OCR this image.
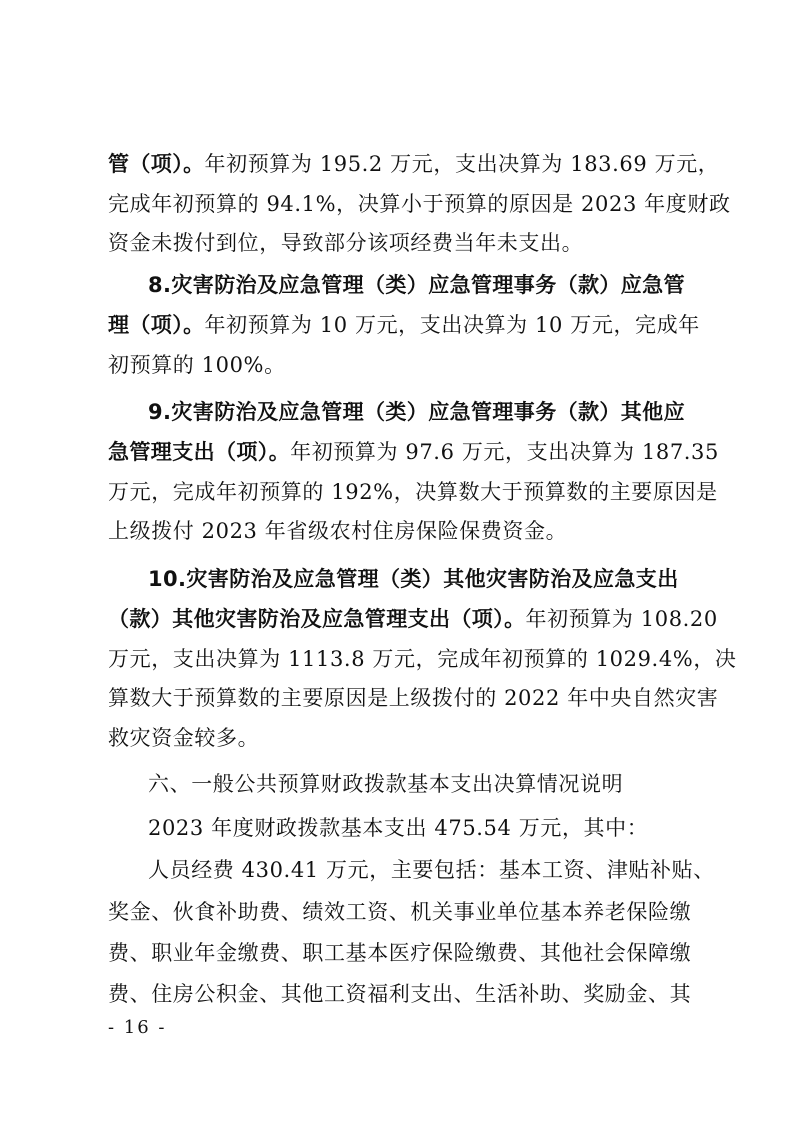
管（项）。年初预算为 195.2 万元，支出决算为 183.69 万元，
完成年初预算的 94.1%，决算小于预算的原因是 2023 年度财政
资金未拨付到位，导致部分该项经费当年未支出。
8.灾害防治及应急管理（类）应急管理事务（款）应急管
理（项）。年初预算为 10 万元，支出决算为 10 万元，完成年
初预算的 100%。
9.灾害防治及应急管理（类）应急管理事务（款）其他应
急管理支出（项）。年初预算为 97.6 万元，支出决算为 187.35
万元，完成年初预算的 192%，决算数大于预算数的主要原因是
上级拨付 2023 年省级农村住房保险保费资金。
10.灾害防治及应急管理（类）其他灾害防治及应急支出
（款）其他灾害防治及应急管理支出（项）。年初预算为 108.20
万元，支出决算为 1113.8 万元，完成年初预算的 1029.4%，决
算数大于预算数的主要原因是上级拨付的 2022 年中央自然灾害
救灾资金较多。
六、一般公共预算财政拨款基本支出决算情况说明
2023 年度财政拨款基本支出 475.54 万元，其中：
人员经费 430.41 万元，主要包括：基本工资、津贴补贴、
奖金、伙食补助费、绩效工资、机关事业单位基本养老保险缴
费、职业年金缴费、职工基本医疗保险缴费、其他社会保障缴
费、住房公积金、其他工资福利支出、生活补助、奖励金、其
- 16 -
